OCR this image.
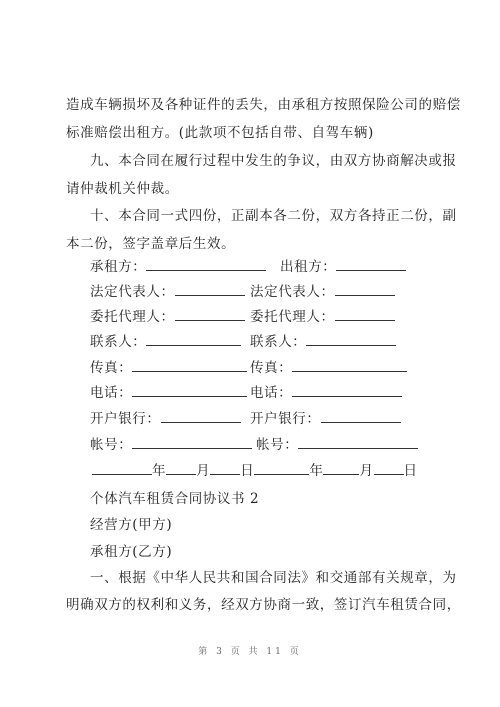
造成车辆损坏及各种证件的丢失，由承租方按照保险公司的赔偿
标准赔偿出租方。(此款项不包括自带、自驾车辆)
九、本合同在履行过程中发生的争议，由双方协商解决或报
请仲裁机关仲裁。
十、本合同一式四份，正副本各二份，双方各持正二份，副
本二份，签字盖章后生效。
承租方：	出租方：
法定代表人：	法定代表人：
委托代理人：	委托代理人：
联系人：	联系人：
传真：	传真：
电话：	电话：
开户银行：	开户银行：
帐号：	帐号：
年 月 日	年	月 日
个体汽车租赁合同协议书 2
经营方(甲方)
承租方(乙方)
一、根据《中华人民共和国合同法》和交通部有关规章，为
明确双方的权利和义务，经双方协商一致，签订汽车租赁合同，
第 3 页 共 11 页
